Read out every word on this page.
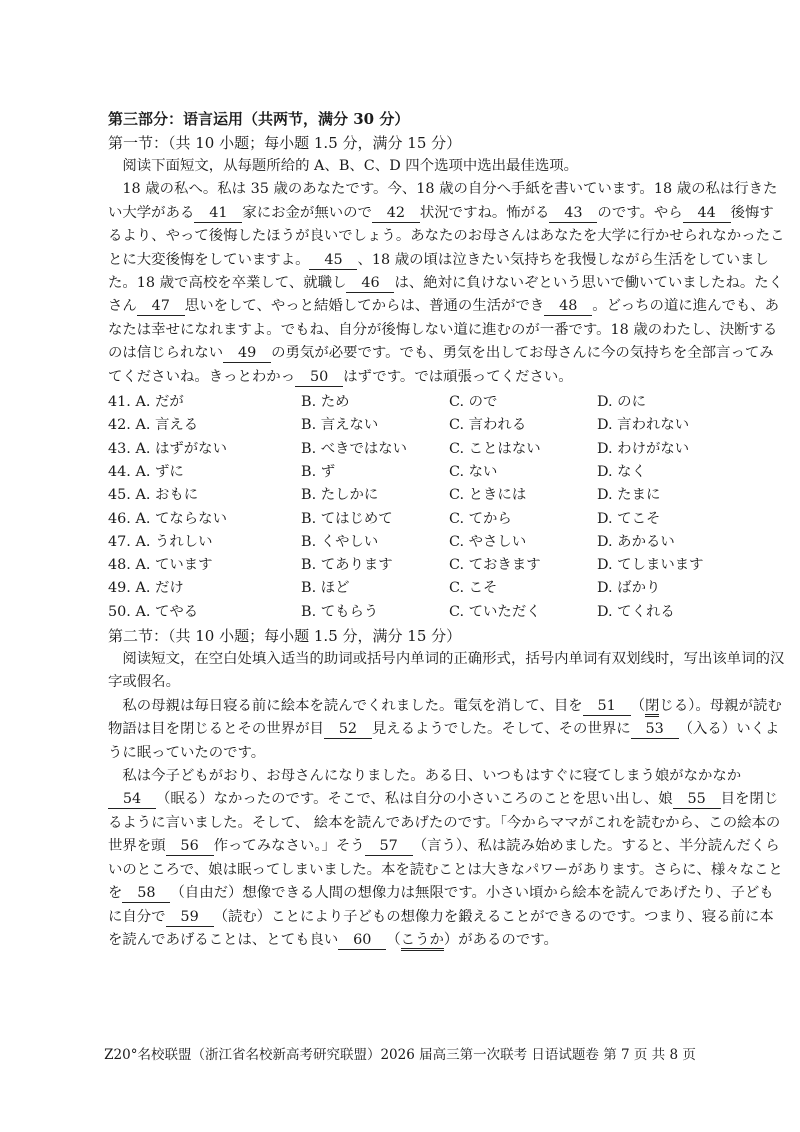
第三部分：语言运用（共两节，满分 30 分）

第一节：（共 10 小题；每小题 1.5 分，满分 15 分）

阅读下面短文，从每题所给的 A、B、C、D 四个选项中选出最佳选项。

18 歳の私へ。私は 35 歳のあなたです。今、18 歳の自分へ手紙を書いています。18 歳の私は行きたい大学がある 41 家にお金が無いので 42 状況ですね。怖がる 43 のです。やら 44 後悔するより、やって後悔したほうが良いでしょう。あなたのお母さんはあなたを大学に行かせられなかったことに大変後悔をしていますよ。 45 、18 歳の頃は泣きたい気持ちを我慢しながら生活をしていました。18 歳で高校を卒業して、就職し 46 は、絶対に負けないぞという思いで働いていましたね。たくさん 47 思いをして、やっと結婚してからは、普通の生活ができ 48 。どっちの道に進んでも、あなたは幸せになれますよ。でもね、自分が後悔しない道に進むのが一番です。18 歳のわたし、決断するのは信じられない 49 の勇気が必要です。でも、勇気を出してお母さんに今の気持ちを全部言ってみてくださいね。きっとわかっ 50 はずです。では頑張ってください。

41. A. だが	B. ため	C. ので	D. のに
42. A. 言える	B. 言えない	C. 言われる	D. 言われない
43. A. はずがない	B. べきではない	C. ことはない	D. わけがない
44. A. ずに	B. ず	C. ない	D. なく
45. A. おもに	B. たしかに	C. ときには	D. たまに
46. A. てならない	B. てはじめて	C. てから	D. てこそ
47. A. うれしい	B. くやしい	C. やさしい	D. あかるい
48. A. ています	B. てあります	C. ておきます	D. てしまいます
49. A. だけ	B. ほど	C. こそ	D. ばかり
50. A. てやる	B. てもらう	C. ていただく	D. てくれる

第二节：（共 10 小题；每小题 1.5 分，满分 15 分）

阅读短文，在空白处填入适当的助词或括号内单词的正确形式，括号内单词有双划线时，写出该单词的汉字或假名。

私の母親は毎日寝る前に絵本を読んでくれました。電気を消して、目を 51 （閉じる）。母親が読む物語は目を閉じるとその世界が目 52 見えるようでした。そして、その世界に 53 （入る）いくように眠っていたのです。

私は今子どもがおり、お母さんになりました。ある日、いつもはすぐに寝てしまう娘がなかなか54 （眠る）なかったのです。そこで、私は自分の小さいころのことを思い出し、娘 55 目を閉じるように言いました。そして、 絵本を読んであげたのです。「今からママがこれを読むから、この絵本の世界を頭 56 作ってみなさい。」そう 57 （言う）、私は読み始めました。すると、半分読んだくらいのところで、娘は眠ってしまいました。本を読むことは大きなパワーがあります。さらに、様々なことを 58 （自由だ）想像できる人間の想像力は無限です。小さい頃から絵本を読んであげたり、子どもに自分で 59 （読む）ことにより子どもの想像力を鍛えることができるのです。つまり、寝る前に本を読んであげることは、とても良い 60 （こうか）があるのです。

Z20°名校联盟（浙江省名校新高考研究联盟）2026 届高三第一次联考 日语试题卷 第 7 页 共 8 页
